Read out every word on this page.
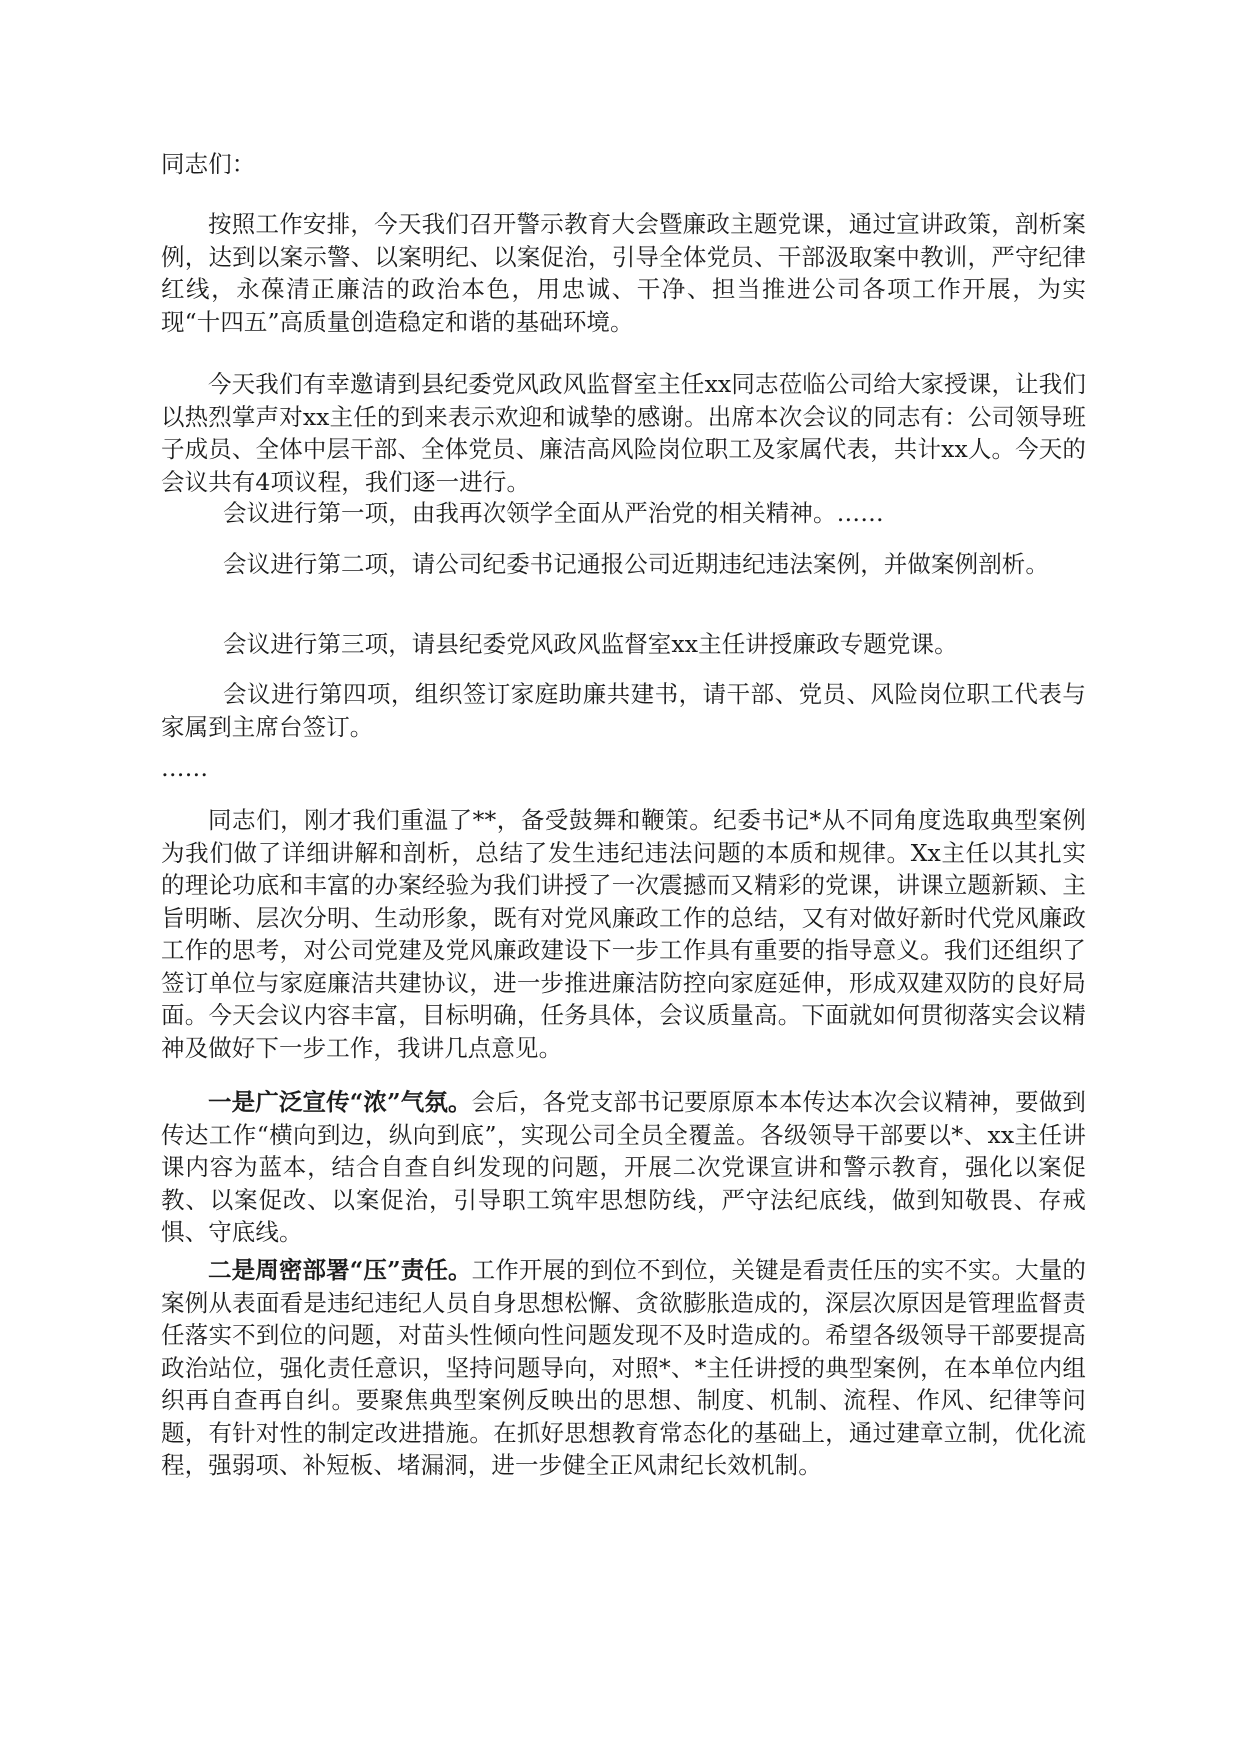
同志们：

按照工作安排，今天我们召开警示教育大会暨廉政主题党课，通过宣讲政策，剖析案例，达到以案示警、以案明纪、以案促治，引导全体党员、干部汲取案中教训，严守纪律红线，永葆清正廉洁的政治本色，用忠诚、干净、担当推进公司各项工作开展，为实现“十四五”高质量创造稳定和谐的基础环境。

今天我们有幸邀请到县纪委党风政风监督室主任xx同志莅临公司给大家授课，让我们以热烈掌声对xx主任的到来表示欢迎和诚挚的感谢。出席本次会议的同志有：公司领导班子成员、全体中层干部、全体党员、廉洁高风险岗位职工及家属代表，共计xx人。今天的会议共有4项议程，我们逐一进行。

会议进行第一项，由我再次领学全面从严治党的相关精神。……

会议进行第二项，请公司纪委书记通报公司近期违纪违法案例，并做案例剖析。

会议进行第三项，请县纪委党风政风监督室xx主任讲授廉政专题党课。

会议进行第四项，组织签订家庭助廉共建书，请干部、党员、风险岗位职工代表与家属到主席台签订。

……

同志们，刚才我们重温了**，备受鼓舞和鞭策。纪委书记*从不同角度选取典型案例为我们做了详细讲解和剖析，总结了发生违纪违法问题的本质和规律。Xx主任以其扎实的理论功底和丰富的办案经验为我们讲授了一次震撼而又精彩的党课，讲课立题新颖、主旨明晰、层次分明、生动形象，既有对党风廉政工作的总结，又有对做好新时代党风廉政工作的思考，对公司党建及党风廉政建设下一步工作具有重要的指导意义。我们还组织了签订单位与家庭廉洁共建协议，进一步推进廉洁防控向家庭延伸，形成双建双防的良好局面。今天会议内容丰富，目标明确，任务具体，会议质量高。下面就如何贯彻落实会议精神及做好下一步工作，我讲几点意见。

一是广泛宣传“浓”气氛。会后，各党支部书记要原原本本传达本次会议精神，要做到传达工作“横向到边，纵向到底”，实现公司全员全覆盖。各级领导干部要以*、xx主任讲课内容为蓝本，结合自查自纠发现的问题，开展二次党课宣讲和警示教育，强化以案促教、以案促改、以案促治，引导职工筑牢思想防线，严守法纪底线，做到知敬畏、存戒惧、守底线。

二是周密部署“压”责任。工作开展的到位不到位，关键是看责任压的实不实。大量的案例从表面看是违纪违纪人员自身思想松懈、贪欲膨胀造成的，深层次原因是管理监督责任落实不到位的问题，对苗头性倾向性问题发现不及时造成的。希望各级领导干部要提高政治站位，强化责任意识，坚持问题导向，对照*、*主任讲授的典型案例，在本单位内组织再自查再自纠。要聚焦典型案例反映出的思想、制度、机制、流程、作风、纪律等问题，有针对性的制定改进措施。在抓好思想教育常态化的基础上，通过建章立制，优化流程，强弱项、补短板、堵漏洞，进一步健全正风肃纪长效机制。
